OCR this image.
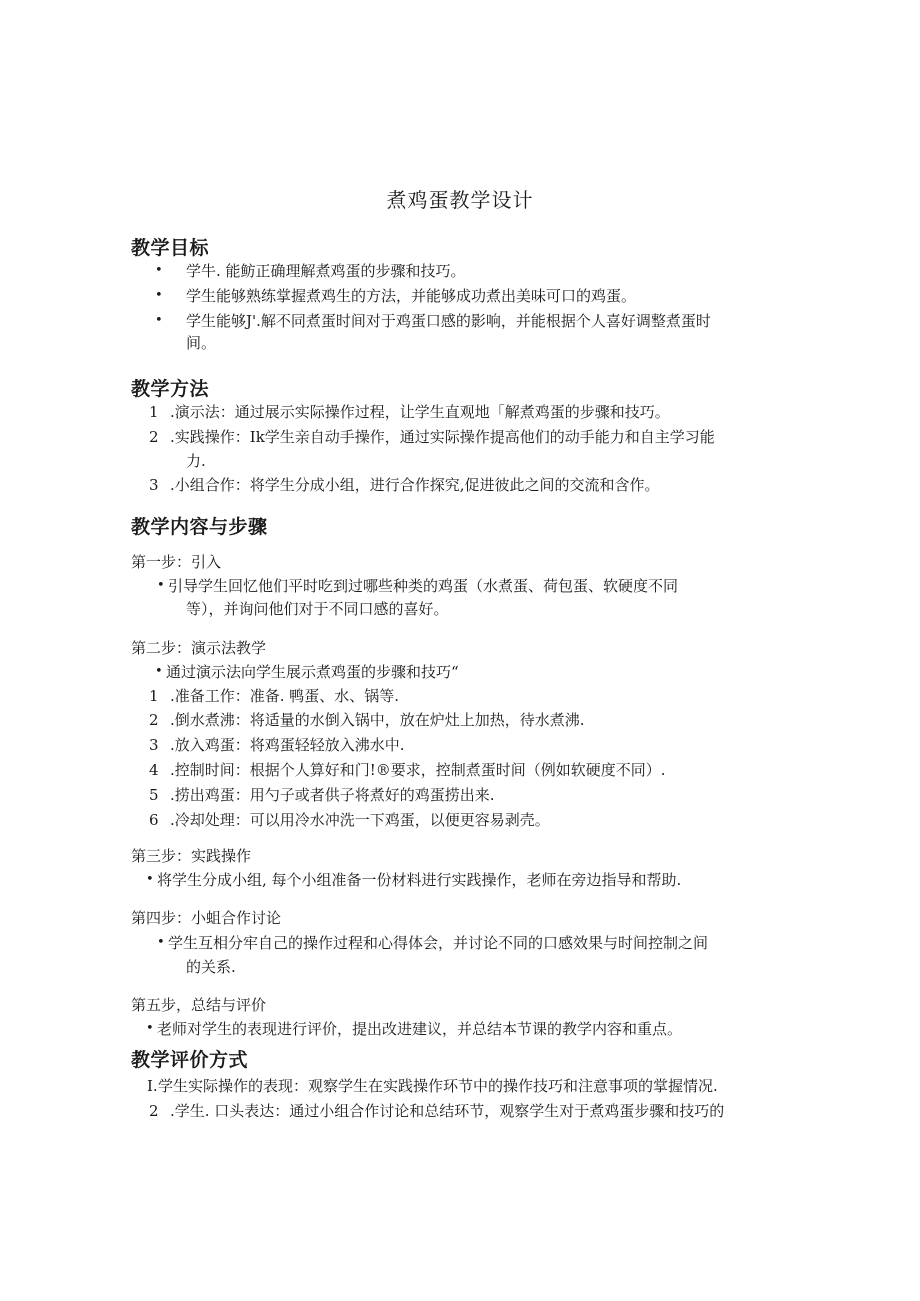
煮鸡蛋教学设计
教学目标
• 学牛. 能鲂正确理解煮鸡蛋的步骤和技巧。
• 学生能够熟练掌握煮鸡生的方法，并能够成功煮出美味可口的鸡蛋。
• 学生能够J'.解不同煮蛋时间对于鸡蛋口感的影响，并能根据个人喜好调整煮蛋时
间。
教学方法
1 .演示法：通过展示实际操作过程，让学生直观地「解煮鸡蛋的步骤和技巧。
2 .实践操作：Ik学生亲自动手操作，通过实际操作提高他们的动手能力和自主学习能
力.
3 .小组合作：将学生分成小组，进行合作探究,促进彼此之间的交流和含作。
教学内容与步骤
第一步：引入
• 引导学生回忆他们平时吃到过哪些种类的鸡蛋（水煮蛋、荷包蛋、软硬度不同
等），并询问他们对于不同口感的喜好。
第二步：演示法教学
• 通过演示法向学生展示煮鸡蛋的步骤和技巧“
1 .准备工作：准备. 鸭蛋、水、锅等.
2 .倒水煮沸：将适量的水倒入锅中，放在炉灶上加热，待水煮沸.
3 .放入鸡蛋：将鸡蛋轻轻放入沸水中.
4 .控制时间：根据个人算好和门!®要求，控制煮蛋时间（例如软硬度不同）.
5 .捞出鸡蛋：用勺子或者供子将煮好的鸡蛋捞出来.
6 .冷却处理：可以用冷水冲洗一下鸡蛋，以便更容易剥壳。
第三步：实践操作
• 将学生分成小组, 每个小组准备一份材料进行实践操作，老师在旁边指导和帮助.
第四步：小蛆合作讨论
• 学生互相分牢自己的操作过程和心得体会，并讨论不同的口感效果与时间控制之间
的关系.
第五步，总结与评价
• 老师对学生的表现进行评价，提出改进建议，并总结本节课的教学内容和重点。
教学评价方式
I. 学生实际操作的表现：观察学生在实践操作环节中的操作技巧和注意事项的掌握情况.
2 .学生. 口头表达：通过小组合作讨论和总结环节，观察学生对于煮鸡蛋步骤和技巧的
